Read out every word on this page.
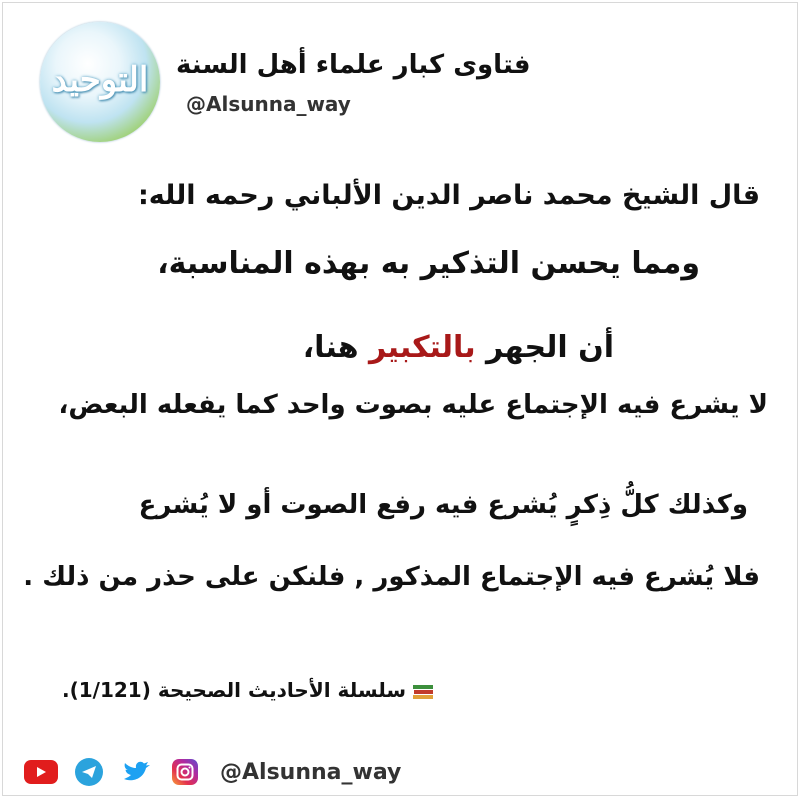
التوحيد	فتاوى كبار علماء أهل السنة
@Alsunna_way
قال الشيخ محمد ناصر الدين الألباني رحمه الله:
ومما يحسن التذكير به بهذه المناسبة،
أن الجهر بالتكبير هنا،
لا يشرع فيه الإجتماع عليه بصوت واحد كما يفعله البعض،
وكذلك كلُّ ذِكرٍ يُشرع فيه رفع الصوت أو لا يُشرع
فلا يُشرع فيه الإجتماع المذكور , فلنكن على حذر من ذلك .
سلسلة الأحاديث الصحيحة (1/121).
@Alsunna_way
